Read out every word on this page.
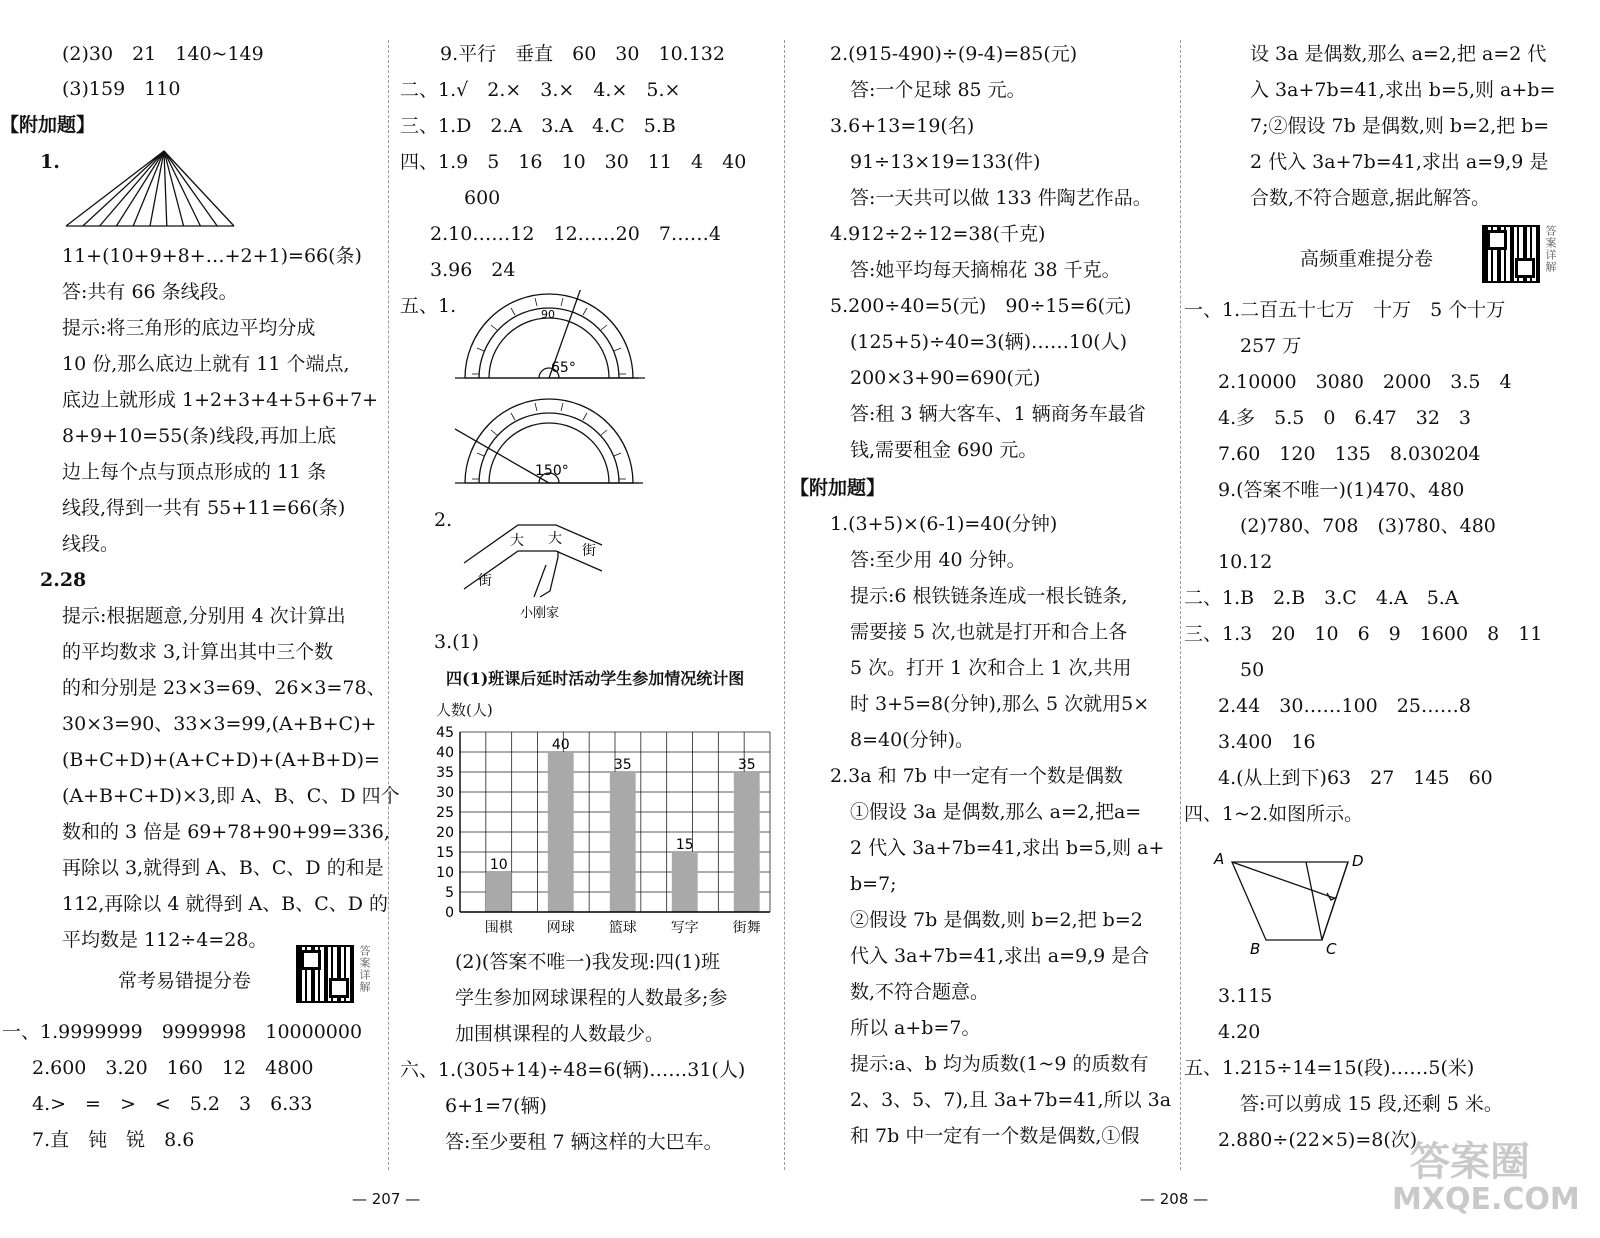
(2)30　21　140~149
(3)159　110
【附加题】
1.
11+(10+9+8+…+2+1)=66(条)
答:共有 66 条线段。
提示:将三角形的底边平均分成
10 份,那么底边上就有 11 个端点,
底边上就形成 1+2+3+4+5+6+7+
8+9+10=55(条)线段,再加上底
边上每个点与顶点形成的 11 条
线段,得到一共有 55+11=66(条)
线段。
2.28
提示:根据题意,分别用 4 次计算出
的平均数求 3,计算出其中三个数
的和分别是 23×3=69、26×3=78、
30×3=90、33×3=99,(A+B+C)+
(B+C+D)+(A+C+D)+(A+B+D)=
(A+B+C+D)×3,即 A、B、C、D 四个
数和的 3 倍是 69+78+90+99=336,
再除以 3,就得到 A、B、C、D 的和是
112,再除以 4 就得到 A、B、C、D 的
平均数是 112÷4=28。
常考易错提分卷	答案详解
一、1.9999999　9999998　10000000
2.600　3.20　160　12　4800
4.>　=　>　<　5.2　3　6.33
7.直　钝　锐　8.6
9.平行　垂直　60　30　10.132
二、1.√　2.×　3.×　4.×　5.×
三、1.D　2.A　3.A　4.C　5.B
四、1.9　5　16　10　30　11　4　40
600
2.10……12　12……20　7……4
3.96　24
五、1.	90
65°
150°
2.
街
大 大
街
小刚家
3.(1)
四(1)班课后延时活动学生参加情况统计图
人数(人)
0
5
10
15
20
25
30
35
40
45
10
围棋
40
网球
35
篮球
15
写字
35
街舞
(2)(答案不唯一)我发现:四(1)班
学生参加网球课程的人数最多;参
加围棋课程的人数最少。
六、1.(305+14)÷48=6(辆)……31(人)
6+1=7(辆)
答:至少要租 7 辆这样的大巴车。
2.(915-490)÷(9-4)=85(元)
答:一个足球 85 元。
3.6+13=19(名)
91÷13×19=133(件)
答:一天共可以做 133 件陶艺作品。
4.912÷2÷12=38(千克)
答:她平均每天摘棉花 38 千克。
5.200÷40=5(元)　90÷15=6(元)
(125+5)÷40=3(辆)……10(人)
200×3+90=690(元)
答:租 3 辆大客车、1 辆商务车最省
钱,需要租金 690 元。
【附加题】
1.(3+5)×(6-1)=40(分钟)
答:至少用 40 分钟。
提示:6 根铁链条连成一根长链条,
需要接 5 次,也就是打开和合上各
5 次。打开 1 次和合上 1 次,共用
时 3+5=8(分钟),那么 5 次就用5×
8=40(分钟)。
2.3a 和 7b 中一定有一个数是偶数
①假设 3a 是偶数,那么 a=2,把a=
2 代入 3a+7b=41,求出 b=5,则 a+
b=7;
②假设 7b 是偶数,则 b=2,把 b=2
代入 3a+7b=41,求出 a=9,9 是合
数,不符合题意。
所以 a+b=7。
提示:a、b 均为质数(1~9 的质数有
2、3、5、7),且 3a+7b=41,所以 3a
和 7b 中一定有一个数是偶数,①假
设 3a 是偶数,那么 a=2,把 a=2 代
入 3a+7b=41,求出 b=5,则 a+b=
7;②假设 7b 是偶数,则 b=2,把 b=
2 代入 3a+7b=41,求出 a=9,9 是
合数,不符合题意,据此解答。
高频重难提分卷	答案详解
一、1.二百五十七万　十万　5 个十万
257 万
2.10000　3080　2000　3.5　4
4.多　5.5　0　6.47　32　3
7.60　120　135　8.030204
9.(答案不唯一)(1)470、480
(2)780、708　(3)780、480
10.12
二、1.B　2.B　3.C　4.A　5.A
三、1.3　20　10　6　9　1600　8　11
50
2.44　30……100　25……8
3.400　16
4.(从上到下)63　27　145　60
四、1~2.如图所示。
A	D
B	C
3.115
4.20
五、1.215÷14=15(段)……5(米)
答:可以剪成 15 段,还剩 5 米。
2.880÷(22×5)=8(次)
— 207 —	— 208 —
答案圈
MXQE.COM
